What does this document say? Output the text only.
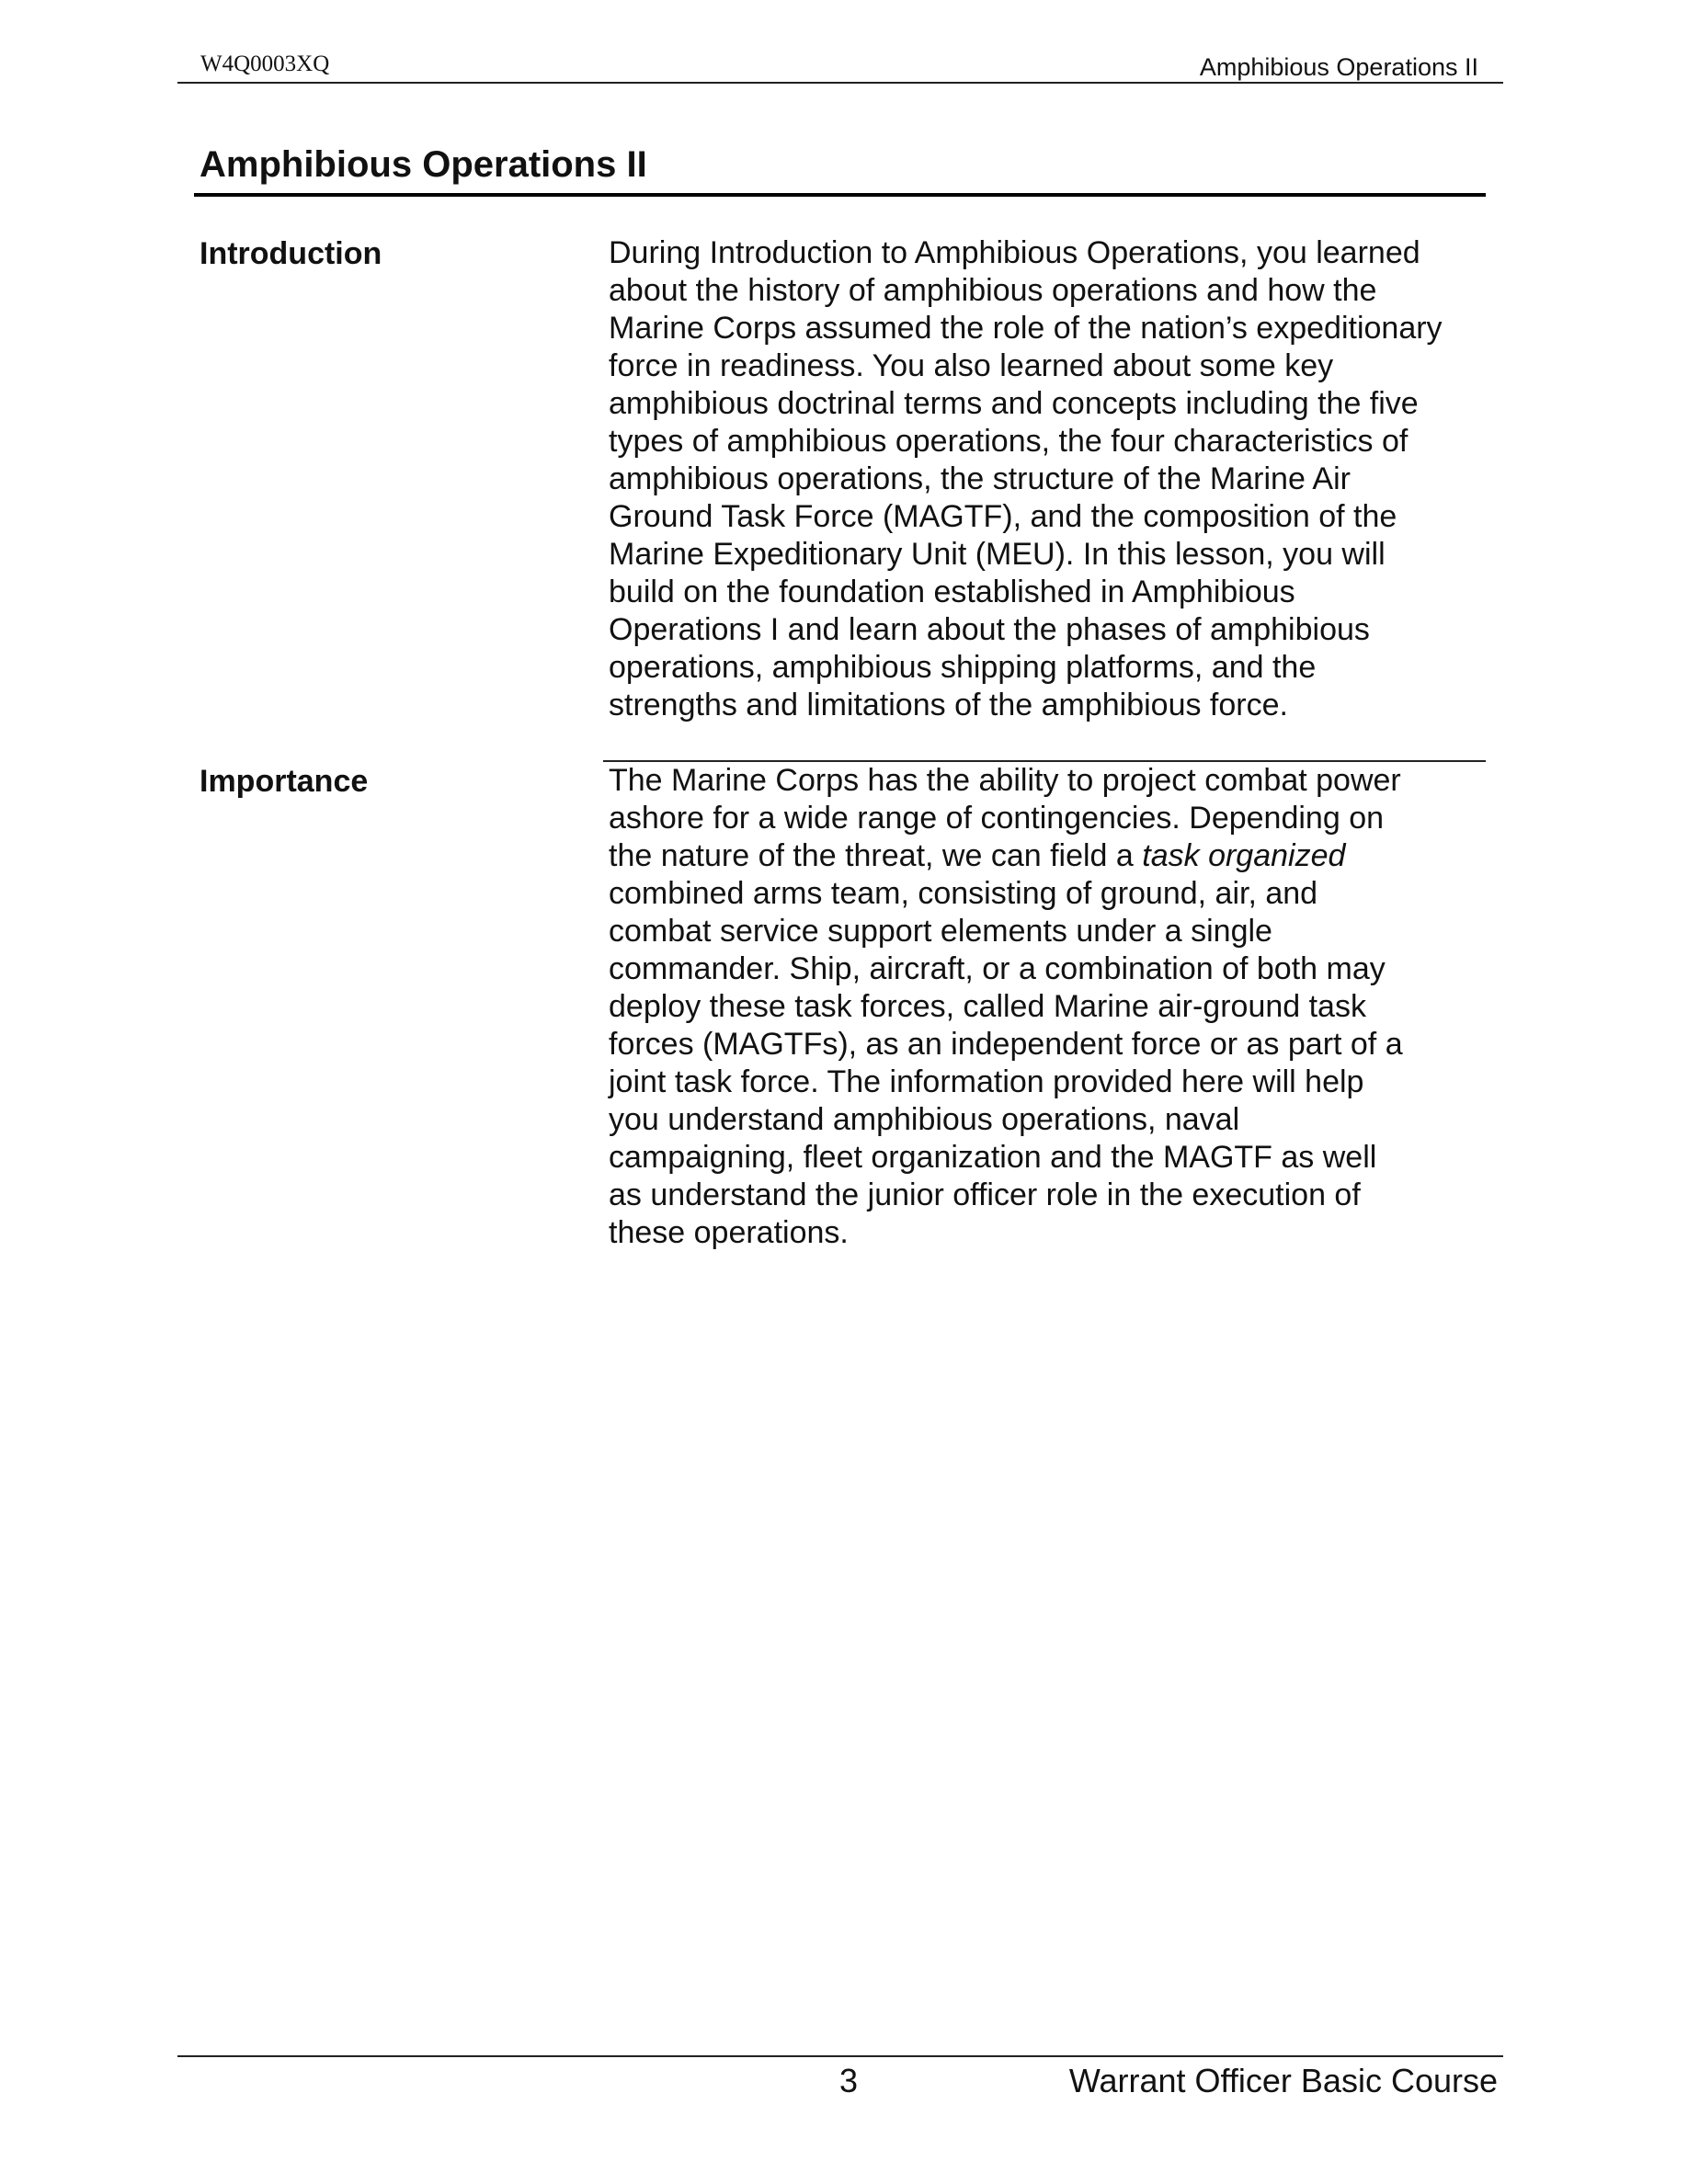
W4Q0003XQ	Amphibious Operations II
Amphibious Operations II
Introduction	During Introduction to Amphibious Operations, you learned
about the history of amphibious operations and how the
Marine Corps assumed the role of the nation’s expeditionary
force in readiness. You also learned about some key
amphibious doctrinal terms and concepts including the five
types of amphibious operations, the four characteristics of
amphibious operations, the structure of the Marine Air
Ground Task Force (MAGTF), and the composition of the
Marine Expeditionary Unit (MEU). In this lesson, you will
build on the foundation established in Amphibious
Operations I and learn about the phases of amphibious
operations, amphibious shipping platforms, and the
strengths and limitations of the amphibious force.
Importance	The Marine Corps has the ability to project combat power
ashore for a wide range of contingencies. Depending on
the nature of the threat, we can field a task organized
combined arms team, consisting of ground, air, and
combat service support elements under a single
commander. Ship, aircraft, or a combination of both may
deploy these task forces, called Marine air-ground task
forces (MAGTFs), as an independent force or as part of a
joint task force. The information provided here will help
you understand amphibious operations, naval
campaigning, fleet organization and the MAGTF as well
as understand the junior officer role in the execution of
these operations.
3	Warrant Officer Basic Course
